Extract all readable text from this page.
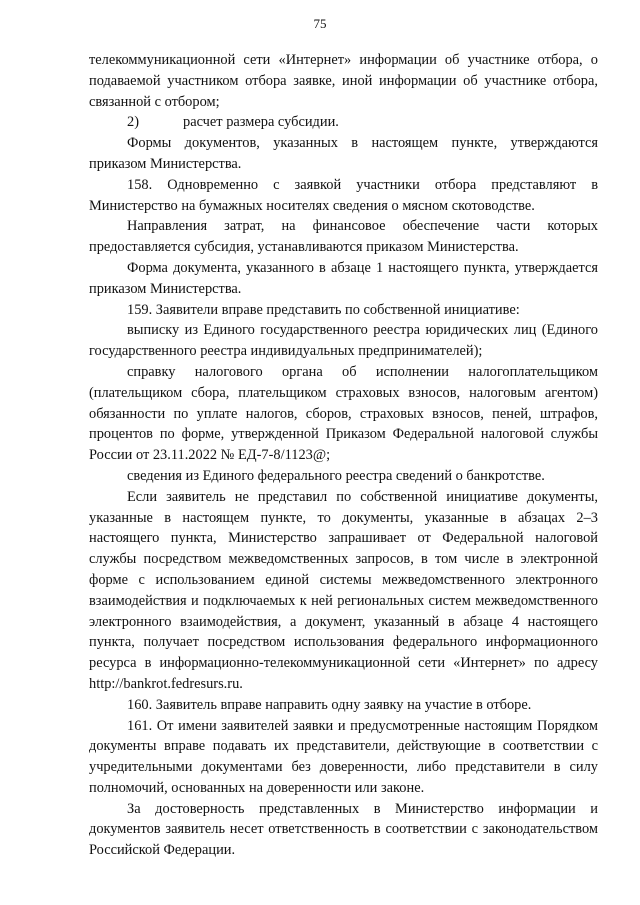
75

телекоммуникационной сети «Интернет» информации об участнике отбора, о подаваемой участником отбора заявке, иной информации об участнике отбора, связанной с отбором;

2)	расчет размера субсидии.

Формы документов, указанных в настоящем пункте, утверждаются приказом Министерства.

158. Одновременно с заявкой участники отбора представляют в Министерство на бумажных носителях сведения о мясном скотоводстве.

Направления затрат, на финансовое обеспечение части которых предоставляется субсидия, устанавливаются приказом Министерства.

Форма документа, указанного в абзаце 1 настоящего пункта, утверждается приказом Министерства.

159. Заявители вправе представить по собственной инициативе:

выписку из Единого государственного реестра юридических лиц (Единого государственного реестра индивидуальных предпринимателей);

справку налогового органа об исполнении налогоплательщиком (плательщиком сбора, плательщиком страховых взносов, налоговым агентом) обязанности по уплате налогов, сборов, страховых взносов, пеней, штрафов, процентов по форме, утвержденной Приказом Федеральной налоговой службы России от 23.11.2022 № ЕД-7-8/1123@;

сведения из Единого федерального реестра сведений о банкротстве.

Если заявитель не представил по собственной инициативе документы, указанные в настоящем пункте, то документы, указанные в абзацах 2–3 настоящего пункта, Министерство запрашивает от Федеральной налоговой службы посредством межведомственных запросов, в том числе в электронной форме с использованием единой системы межведомственного электронного взаимодействия и подключаемых к ней региональных систем межведомственного электронного взаимодействия, а документ, указанный в абзаце 4 настоящего пункта, получает посредством использования федерального информационного ресурса в информационно-телекоммуникационной сети «Интернет» по адресу http://bankrot.fedresurs.ru.

160. Заявитель вправе направить одну заявку на участие в отборе.

161. От имени заявителей заявки и предусмотренные настоящим Порядком документы вправе подавать их представители, действующие в соответствии с учредительными документами без доверенности, либо представители в силу полномочий, основанных на доверенности или законе.

За достоверность представленных в Министерство информации и документов заявитель несет ответственность в соответствии с законодательством Российской Федерации.
